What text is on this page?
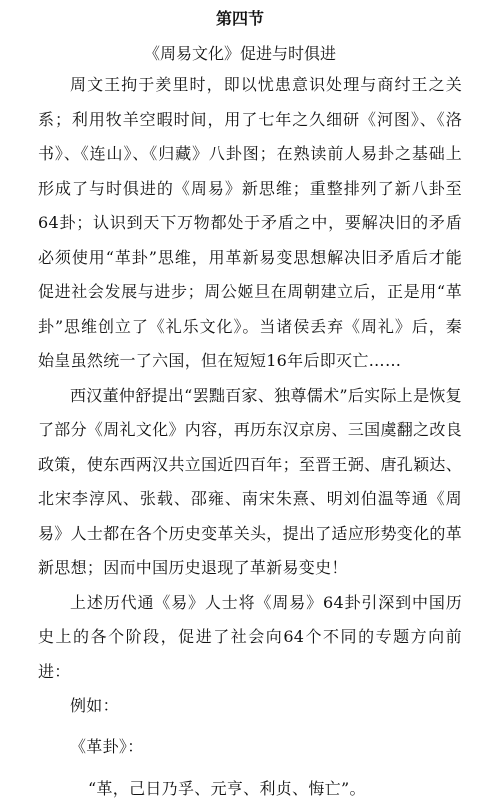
第四节
《周易文化》促进与时俱进

周文王拘于羑里时，即以忧患意识处理与商纣王之关系；利用牧羊空暇时间，用了七年之久细研《河图》、《洛书》、《连山》、《归藏》八卦图；在熟读前人易卦之基础上形成了与时俱进的《周易》新思维；重整排列了新八卦至64卦；认识到天下万物都处于矛盾之中，要解决旧的矛盾必须使用“革卦”思维，用革新易变思想解决旧矛盾后才能促进社会发展与进步；周公姬旦在周朝建立后，正是用“革卦”思维创立了《礼乐文化》。当诸侯丢弃《周礼》后，秦始皇虽然统一了六国，但在短短16年后即灭亡……

西汉董仲舒提出“罢黜百家、独尊儒术”后实际上是恢复了部分《周礼文化》内容，再历东汉京房、三国虞翻之改良政策，使东西两汉共立国近四百年；至晋王弼、唐孔颖达、北宋李淳风、张载、邵雍、南宋朱熹、明刘伯温等通《周易》人士都在各个历史变革关头，提出了适应形势变化的革新思想；因而中国历史退现了革新易变史！

上述历代通《易》人士将《周易》64卦引深到中国历史上的各个阶段，促进了社会向64个不同的专题方向前进：

例如：

《革卦》：

“革，己日乃孚、元亨、利贞、悔亡”。
